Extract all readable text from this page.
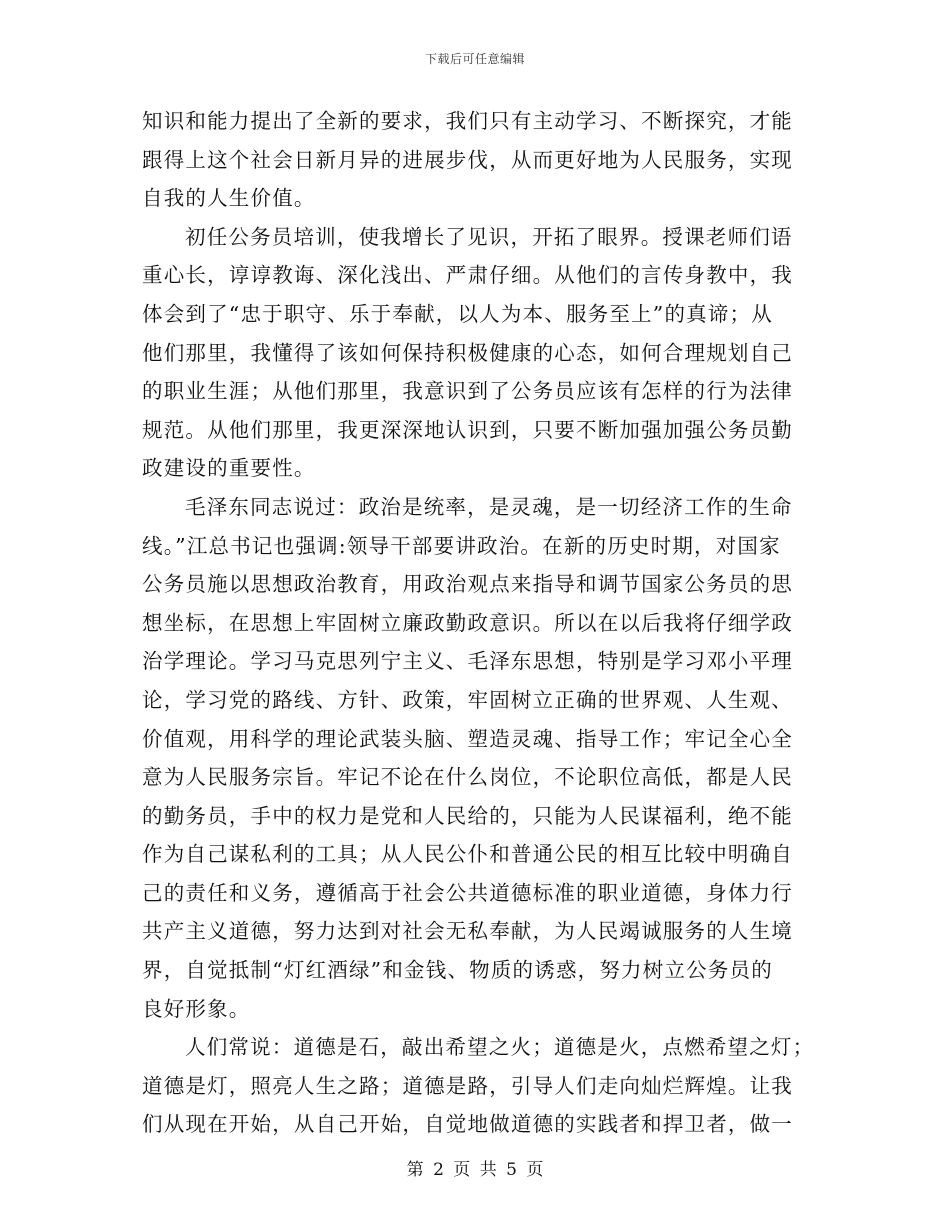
下载后可任意编辑
知识和能力提出了全新的要求，我们只有主动学习、不断探究，才能
跟得上这个社会日新月异的进展步伐，从而更好地为人民服务，实现
自我的人生价值。
初任公务员培训，使我增长了见识，开拓了眼界。授课老师们语
重心长，谆谆教诲、深化浅出、严肃仔细。从他们的言传身教中，我
体会到了“忠于职守、乐于奉献，以人为本、服务至上”的真谛；从
他们那里，我懂得了该如何保持积极健康的心态，如何合理规划自己
的职业生涯；从他们那里，我意识到了公务员应该有怎样的行为法律
规范。从他们那里，我更深深地认识到，只要不断加强加强公务员勤
政建设的重要性。
毛泽东同志说过：政治是统率，是灵魂，是一切经济工作的生命
线。”江总书记也强调:领导干部要讲政治。在新的历史时期，对国家
公务员施以思想政治教育，用政治观点来指导和调节国家公务员的思
想坐标，在思想上牢固树立廉政勤政意识。所以在以后我将仔细学政
治学理论。学习马克思列宁主义、毛泽东思想，特别是学习邓小平理
论，学习党的路线、方针、政策，牢固树立正确的世界观、人生观、
价值观，用科学的理论武装头脑、塑造灵魂、指导工作；牢记全心全
意为人民服务宗旨。牢记不论在什么岗位，不论职位高低，都是人民
的勤务员，手中的权力是党和人民给的，只能为人民谋福利，绝不能
作为自己谋私利的工具；从人民公仆和普通公民的相互比较中明确自
己的责任和义务，遵循高于社会公共道德标准的职业道德，身体力行
共产主义道德，努力达到对社会无私奉献，为人民竭诚服务的人生境
界，自觉抵制“灯红酒绿”和金钱、物质的诱惑，努力树立公务员的
良好形象。
人们常说：道德是石，敲出希望之火；道德是火，点燃希望之灯；
道德是灯，照亮人生之路；道德是路，引导人们走向灿烂辉煌。让我
们从现在开始，从自己开始，自觉地做道德的实践者和捍卫者，做一
第 2 页 共 5 页
